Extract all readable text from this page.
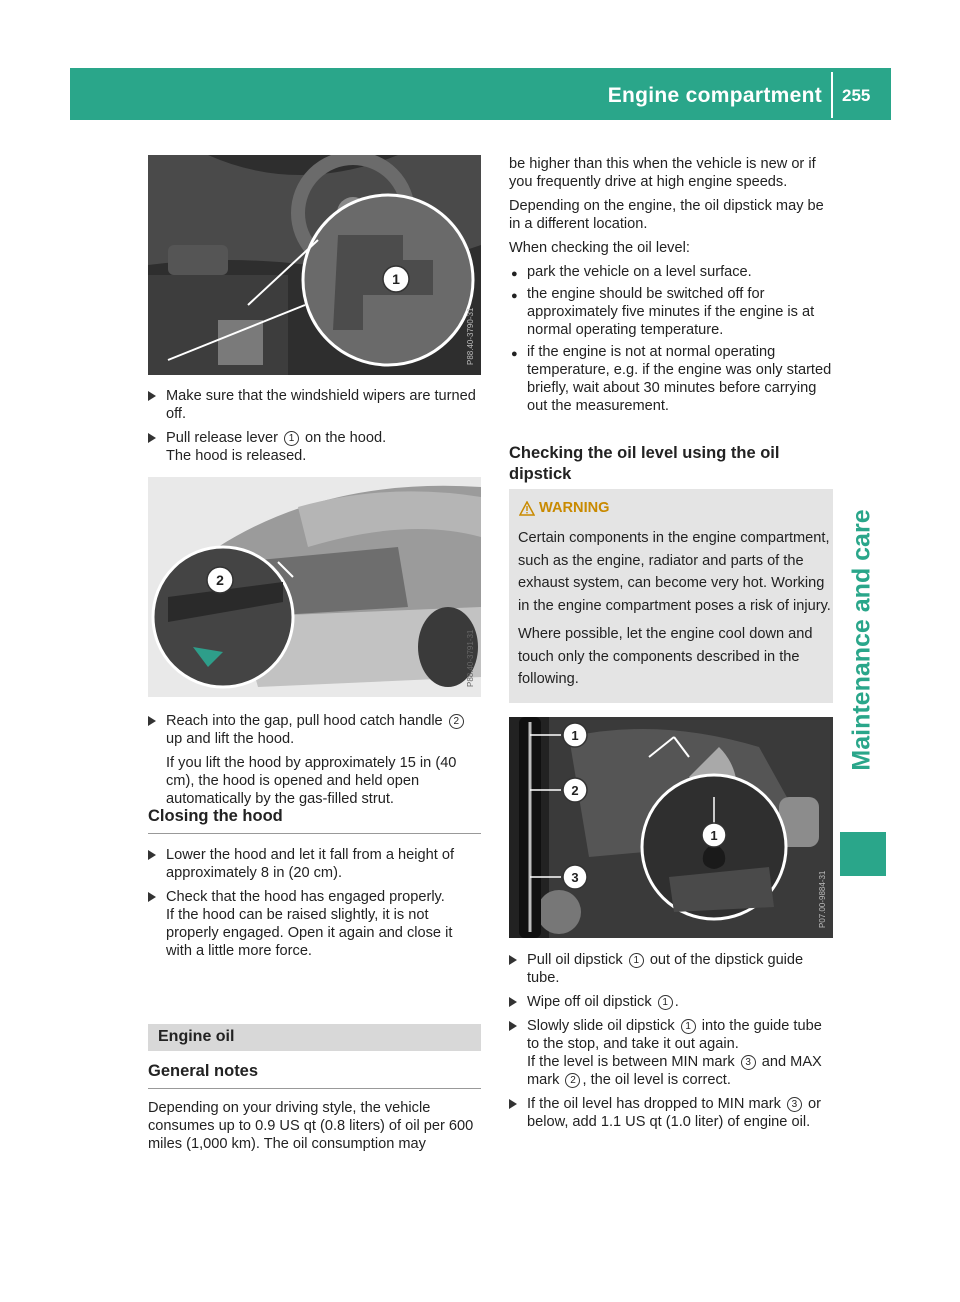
Engine compartment 255
Maintenance and care
1
P88.40-3790-31
Make sure that the windshield wipers are turned off.
Pull release lever 1 on the hood.
The hood is released.
2
P88.40-3791-31
Reach into the gap, pull hood catch handle 2 up and lift the hood.
If you lift the hood by approximately 15 in (40 cm), the hood is opened and held open automatically by the gas-filled strut.
Closing the hood
Lower the hood and let it fall from a height of approximately 8 in (20 cm).
Check that the hood has engaged properly.
If the hood can be raised slightly, it is not properly engaged. Open it again and close it with a little more force.
Engine oil
General notes

Depending on your driving style, the vehicle consumes up to 0.9 US qt (0.8 liters) of oil per 600 miles (1,000 km). The oil consumption may

be higher than this when the vehicle is new or if you frequently drive at high engine speeds.

Depending on the engine, the oil dipstick may be in a different location.

When checking the oil level:

● park the vehicle on a level surface.
● the engine should be switched off for approximately five minutes if the engine is at normal operating temperature.
● if the engine is not at normal operating temperature, e.g. if the engine was only started briefly, wait about 30 minutes before carrying out the measurement.
Checking the oil level using the oil dipstick
WARNING

Certain components in the engine compartment, such as the engine, radiator and parts of the exhaust system, can become very hot. Working in the engine compartment poses a risk of injury.

Where possible, let the engine cool down and touch only the components described in the following.

1
2
3
1
P07.00-9884-31
Pull oil dipstick 1 out of the dipstick guide tube.
Wipe off oil dipstick 1 .
Slowly slide oil dipstick 1 into the guide tube to the stop, and take it out again.
If the level is between MIN mark 3 and MAX mark 2 , the oil level is correct.
If the oil level has dropped to MIN mark 3 or below, add 1.1 US qt (1.0 liter) of engine oil.
